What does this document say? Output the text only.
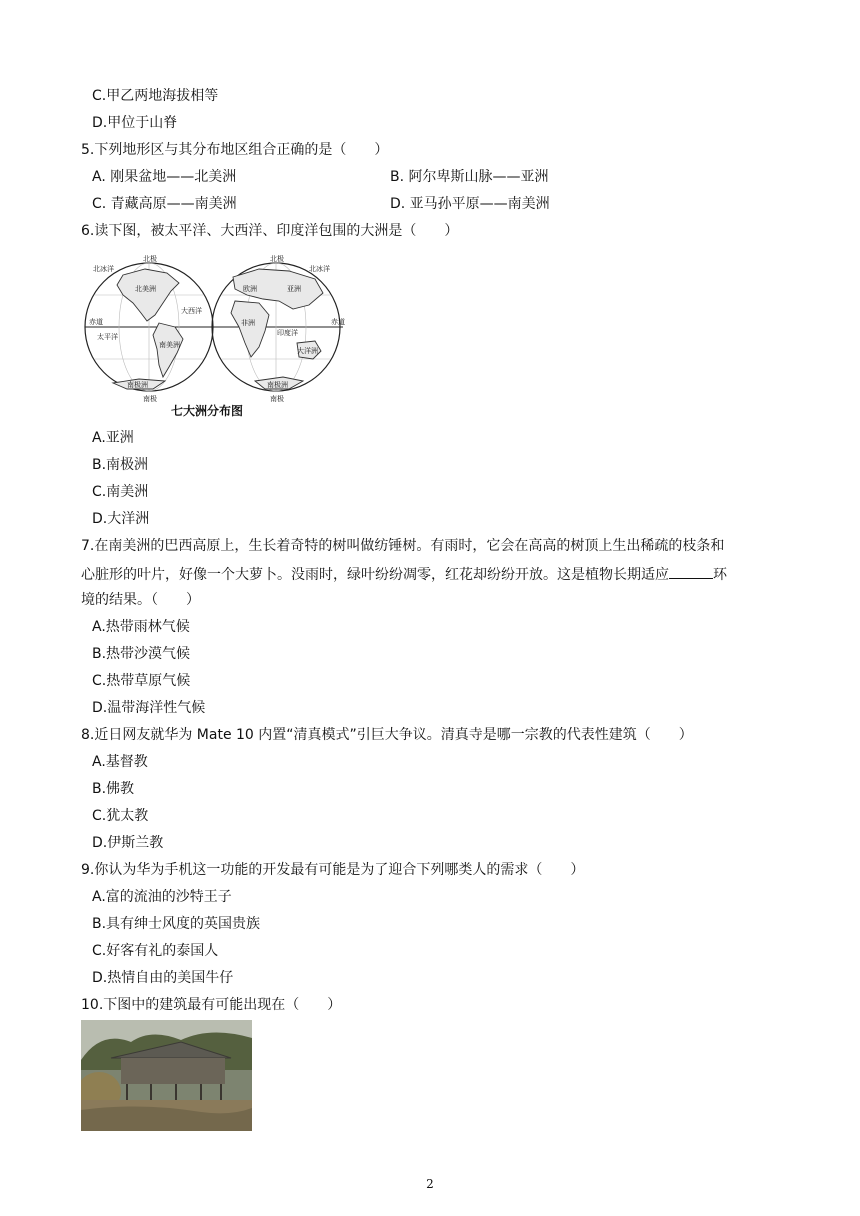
C.甲乙两地海拔相等
D.甲位于山脊
5.下列地形区与其分布地区组合正确的是（　　）
A. 刚果盆地——北美洲	B. 阿尔卑斯山脉——亚洲
C. 青藏高原——南美洲	D. 亚马孙平原——南美洲
6.读下图，被太平洋、大西洋、印度洋包围的大洲是（　　）
北极	北极
南极	南极
赤道	赤道
北冰洋	北冰洋
太平洋
大西洋
印度洋
北美洲
南美洲
欧洲	亚洲
非洲
大洋洲
南极洲	南极洲
七大洲分布图
A.亚洲
B.南极洲
C.南美洲
D.大洋洲
7.在南美洲的巴西高原上，生长着奇特的树叫做纺锤树。有雨时，它会在高高的树顶上生出稀疏的枝条和
心脏形的叶片，好像一个大萝卜。没雨时，绿叶纷纷凋零，红花却纷纷开放。这是植物长期适应	环
境的结果。（　　）
A.热带雨林气候
B.热带沙漠气候
C.热带草原气候
D.温带海洋性气候
8.近日网友就华为 Mate 10 内置“清真模式”引巨大争议。清真寺是哪一宗教的代表性建筑（　　）
A.基督教
B.佛教
C.犹太教
D.伊斯兰教
9.你认为华为手机这一功能的开发最有可能是为了迎合下列哪类人的需求（　　）
A.富的流油的沙特王子
B.具有绅士风度的英国贵族
C.好客有礼的泰国人
D.热情自由的美国牛仔
10.下图中的建筑最有可能出现在（　　）
2
